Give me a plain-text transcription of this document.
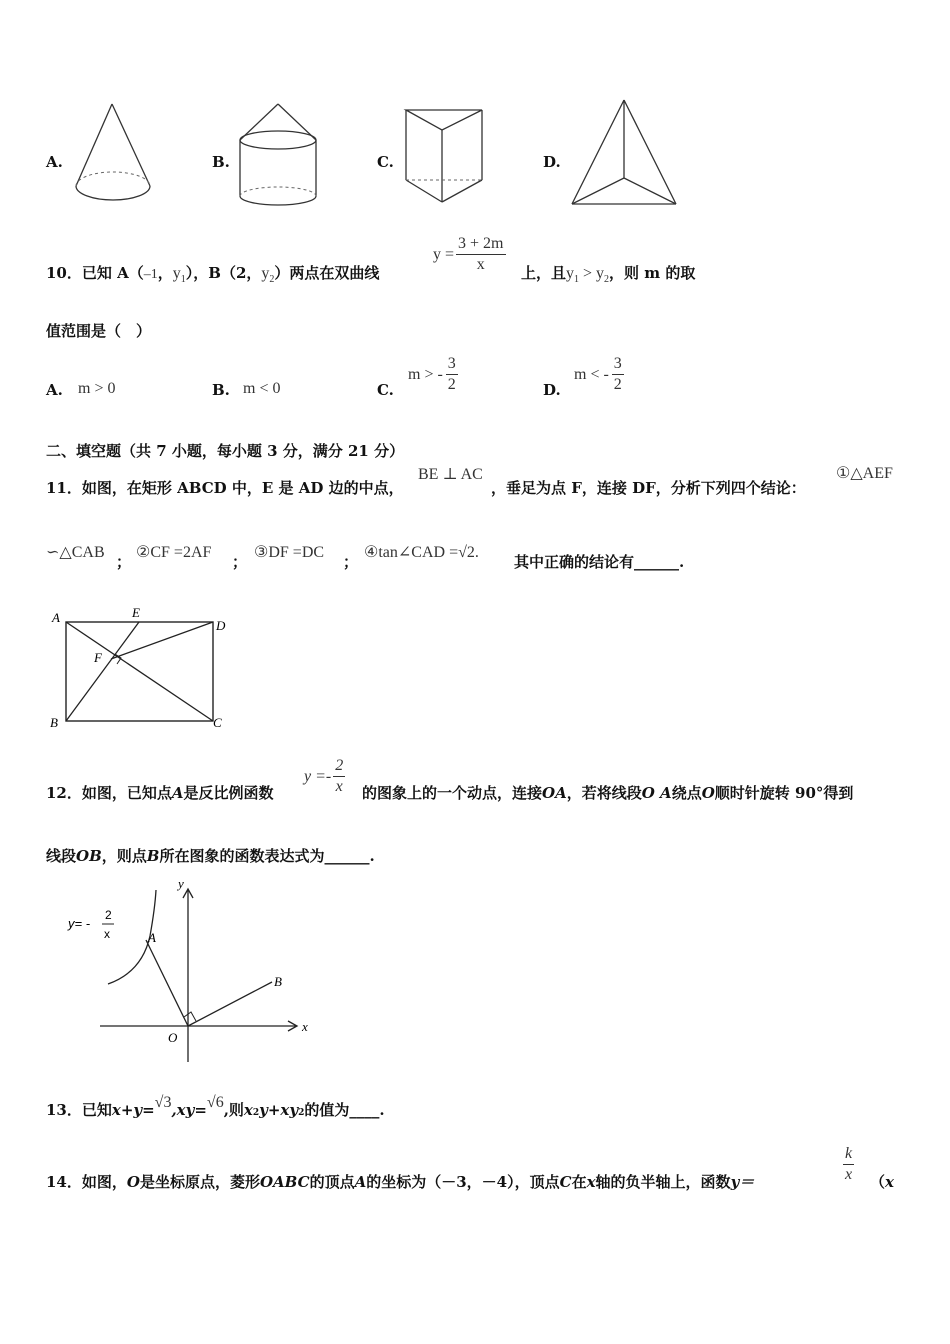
A.	B.	C.	D.
10．已知 A（–1，$y_1$），B（2，$y_2$）两点在双曲线
$y = \frac{3 + 2m}{x}$ 上，且$y_1 > y_2$，则 m 的取
值范围是（　）
A. m > 0	B. m < 0	C.
m > - $\frac{3}{2}$	D.
m < - $\frac{3}{2}$
二、填空题（共 7 小题，每小题 3 分，满分 21 分）
11．如图，在矩形 ABCD 中，E 是 AD 边的中点，
BE ⊥ AC
，垂足为点 F，连接 DF，分析下列四个结论：
①△AEF
∽△CAB
；
②CF =2AF
；
③DF =DC
；
④tan∠CAD =√2.
其中正确的结论有______.
A	E
D
F
B	C
12．如图，已知点A是反比例函数
$y =- \frac{2}{x}$ 的图象上的一个动点，连接OA，若将线段O A绕点O顺时针旋转 90°得到
线段OB，则点B所在图象的函数表达式为______.
y
x
O
A
B
y= -
2
x
13．已知 x+y= √3 ,xy= √6 ,则 $x_2$ $y+xy_2$ 的值为____.
14．如图，O是坐标原点，菱形OABC的顶点A的坐标为（－3，－4），顶点C在x轴的负半轴上，函数y＝	$\frac{k}{x} (x$
